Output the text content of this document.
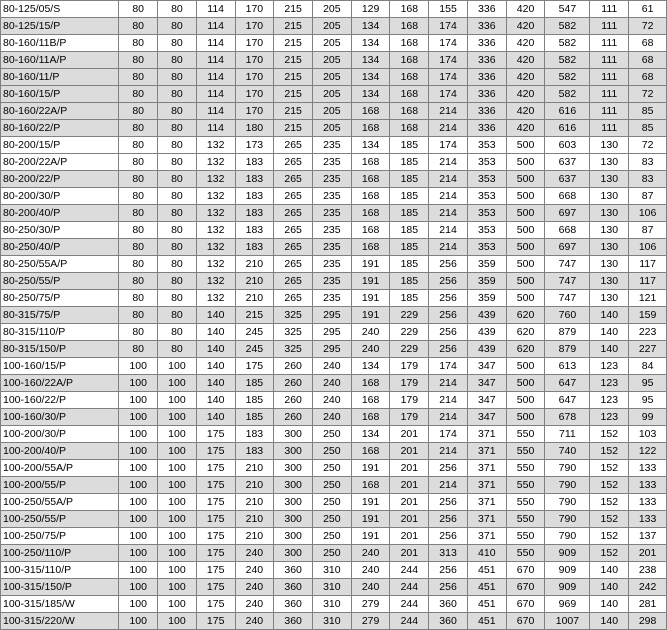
80-125/05/S	80	80	114	170	215	205	129	168	155	336	420	547	111	61
80-125/15/P	80	80	114	170	215	205	134	168	174	336	420	582	111	72
80-160/11B/P	80	80	114	170	215	205	134	168	174	336	420	582	111	68
80-160/11A/P	80	80	114	170	215	205	134	168	174	336	420	582	111	68
80-160/11/P	80	80	114	170	215	205	134	168	174	336	420	582	111	68
80-160/15/P	80	80	114	170	215	205	134	168	174	336	420	582	111	72
80-160/22A/P	80	80	114	170	215	205	168	168	214	336	420	616	111	85
80-160/22/P	80	80	114	180	215	205	168	168	214	336	420	616	111	85
80-200/15/P	80	80	132	173	265	235	134	185	174	353	500	603	130	72
80-200/22A/P	80	80	132	183	265	235	168	185	214	353	500	637	130	83
80-200/22/P	80	80	132	183	265	235	168	185	214	353	500	637	130	83
80-200/30/P	80	80	132	183	265	235	168	185	214	353	500	668	130	87
80-200/40/P	80	80	132	183	265	235	168	185	214	353	500	697	130	106
80-250/30/P	80	80	132	183	265	235	168	185	214	353	500	668	130	87
80-250/40/P	80	80	132	183	265	235	168	185	214	353	500	697	130	106
80-250/55A/P	80	80	132	210	265	235	191	185	256	359	500	747	130	117
80-250/55/P	80	80	132	210	265	235	191	185	256	359	500	747	130	117
80-250/75/P	80	80	132	210	265	235	191	185	256	359	500	747	130	121
80-315/75/P	80	80	140	215	325	295	191	229	256	439	620	760	140	159
80-315/110/P	80	80	140	245	325	295	240	229	256	439	620	879	140	223
80-315/150/P	80	80	140	245	325	295	240	229	256	439	620	879	140	227
100-160/15/P	100	100	140	175	260	240	134	179	174	347	500	613	123	84
100-160/22A/P	100	100	140	185	260	240	168	179	214	347	500	647	123	95
100-160/22/P	100	100	140	185	260	240	168	179	214	347	500	647	123	95
100-160/30/P	100	100	140	185	260	240	168	179	214	347	500	678	123	99
100-200/30/P	100	100	175	183	300	250	134	201	174	371	550	711	152	103
100-200/40/P	100	100	175	183	300	250	168	201	214	371	550	740	152	122
100-200/55A/P	100	100	175	210	300	250	191	201	256	371	550	790	152	133
100-200/55/P	100	100	175	210	300	250	168	201	214	371	550	790	152	133
100-250/55A/P	100	100	175	210	300	250	191	201	256	371	550	790	152	133
100-250/55/P	100	100	175	210	300	250	191	201	256	371	550	790	152	133
100-250/75/P	100	100	175	210	300	250	191	201	256	371	550	790	152	137
100-250/110/P	100	100	175	240	300	250	240	201	313	410	550	909	152	201
100-315/110/P	100	100	175	240	360	310	240	244	256	451	670	909	140	238
100-315/150/P	100	100	175	240	360	310	240	244	256	451	670	909	140	242
100-315/185/W	100	100	175	240	360	310	279	244	360	451	670	969	140	281
100-315/220/W	100	100	175	240	360	310	279	244	360	451	670	1007	140	298
